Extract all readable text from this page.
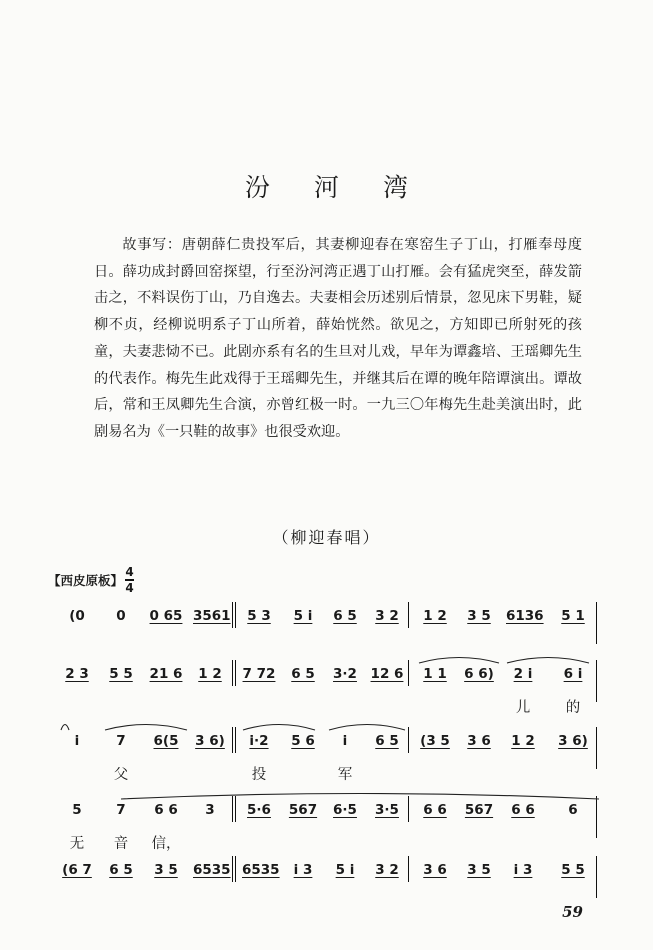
汾 河 湾
故事写：唐朝薛仁贵投军后，其妻柳迎春在寒窑生子丁山，打雁奉母度日。薛功成封爵回窑探望，行至汾河湾正遇丁山打雁。会有猛虎突至，薛发箭击之，不料误伤丁山，乃自逸去。夫妻相会历述别后情景，忽见床下男鞋，疑柳不贞，经柳说明系子丁山所着，薛始恍然。欲见之，方知即已所射死的孩童，夫妻悲恸不已。此剧亦系有名的生旦对儿戏，早年为谭鑫培、王瑶卿先生的代表作。梅先生此戏得于王瑶卿先生，并继其后在谭的晚年陪谭演出。谭故后，常和王凤卿先生合演，亦曾红极一时。一九三〇年梅先生赴美演出时，此剧易名为《一只鞋的故事》也很受欢迎。
（柳迎春唱）
【西皮原板】
4
4
(0	0	0 65 3561	5 3	5 i	6 5	3 2	1 2	3 5	6136	5 1
2 3	5 5	21 6	1 2	7 72	6 5	3·2	12 6	1 1	6 6)	2 i	6 i
儿	的
i	7	6(5	3 6)	i·2	5 6	i	6 5	(3 5	3 6	1 2	3 6)
父	投	军
5	7	6 6	3	5·6	567	6·5	3·5	6 6	567	6 6	6
无	音	信，
(6 7	6 5	3 5	6535 6535	i 3	5 i	3 2	3 6	3 5	i 3	5 5
59
